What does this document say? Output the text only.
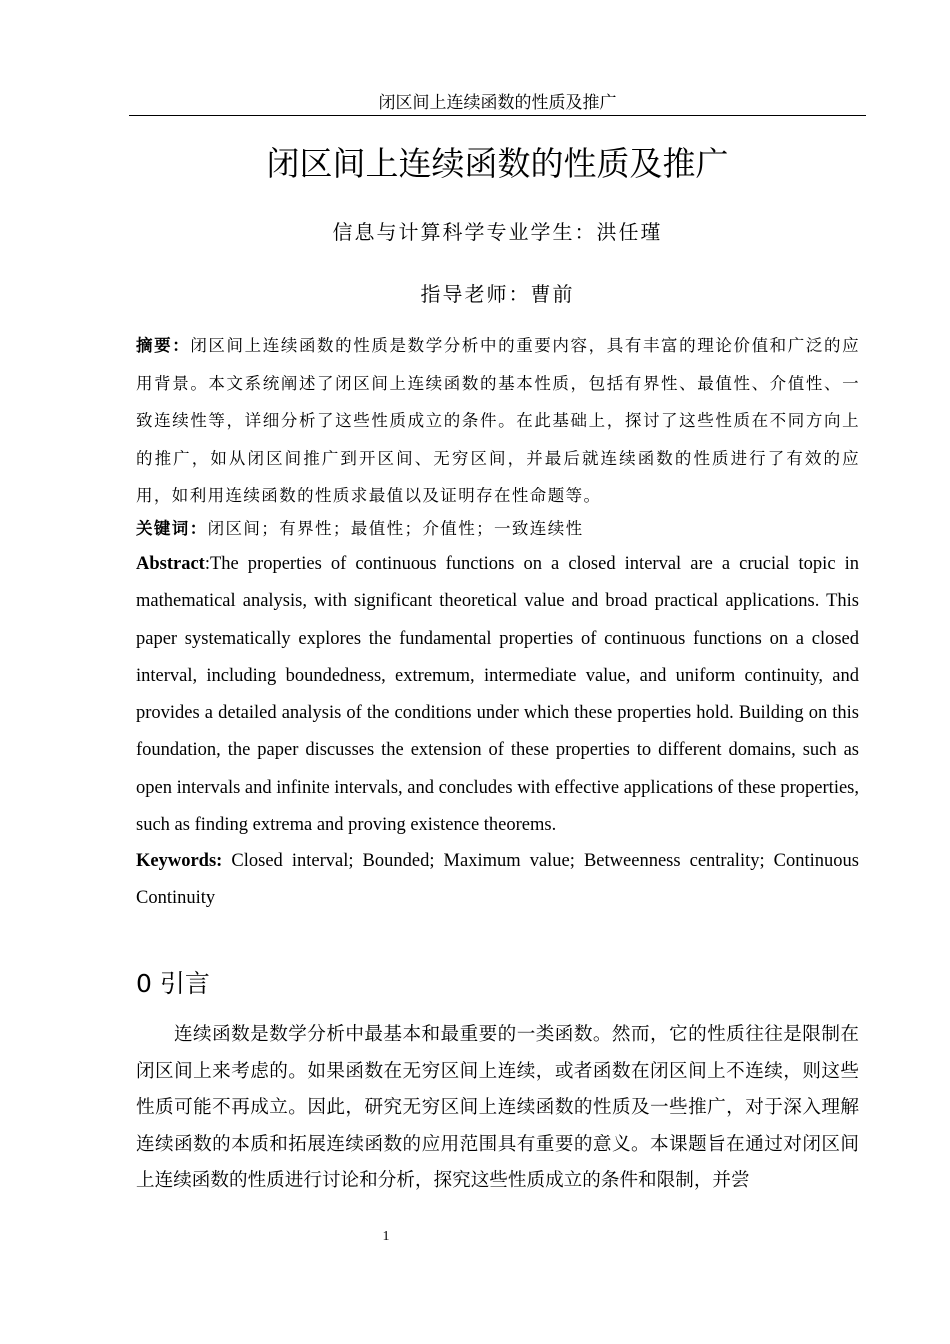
闭区间上连续函数的性质及推广
闭区间上连续函数的性质及推广
信息与计算科学专业学生：洪任瑾
指导老师：曹前

摘要：闭区间上连续函数的性质是数学分析中的重要内容，具有丰富的理论价值和广泛的应用背景。本文系统阐述了闭区间上连续函数的基本性质，包括有界性、最值性、介值性、一致连续性等，详细分析了这些性质成立的条件。在此基础上，探讨了这些性质在不同方向上的推广，如从闭区间推广到开区间、无穷区间，并最后就连续函数的性质进行了有效的应用，如利用连续函数的性质求最值以及证明存在性命题等。

关键词：闭区间；有界性；最值性；介值性；一致连续性

Abstract:The properties of continuous functions on a closed interval are a crucial topic in mathematical analysis, with significant theoretical value and broad practical applications. This paper systematically explores the fundamental properties of continuous functions on a closed interval, including boundedness, extremum, intermediate value, and uniform continuity, and provides a detailed analysis of the conditions under which these properties hold. Building on this foundation, the paper discusses the extension of these properties to different domains, such as open intervals and infinite intervals, and concludes with effective applications of these properties, such as finding extrema and proving existence theorems.

Keywords: Closed interval; Bounded; Maximum value; Betweenness centrality; Continuous Continuity

0 引言

连续函数是数学分析中最基本和最重要的一类函数。然而，它的性质往往是限制在闭区间上来考虑的。如果函数在无穷区间上连续，或者函数在闭区间上不连续，则这些性质可能不再成立。因此，研究无穷区间上连续函数的性质及一些推广，对于深入理解连续函数的本质和拓展连续函数的应用范围具有重要的意义。本课题旨在通过对闭区间上连续函数的性质进行讨论和分析，探究这些性质成立的条件和限制，并尝

1
